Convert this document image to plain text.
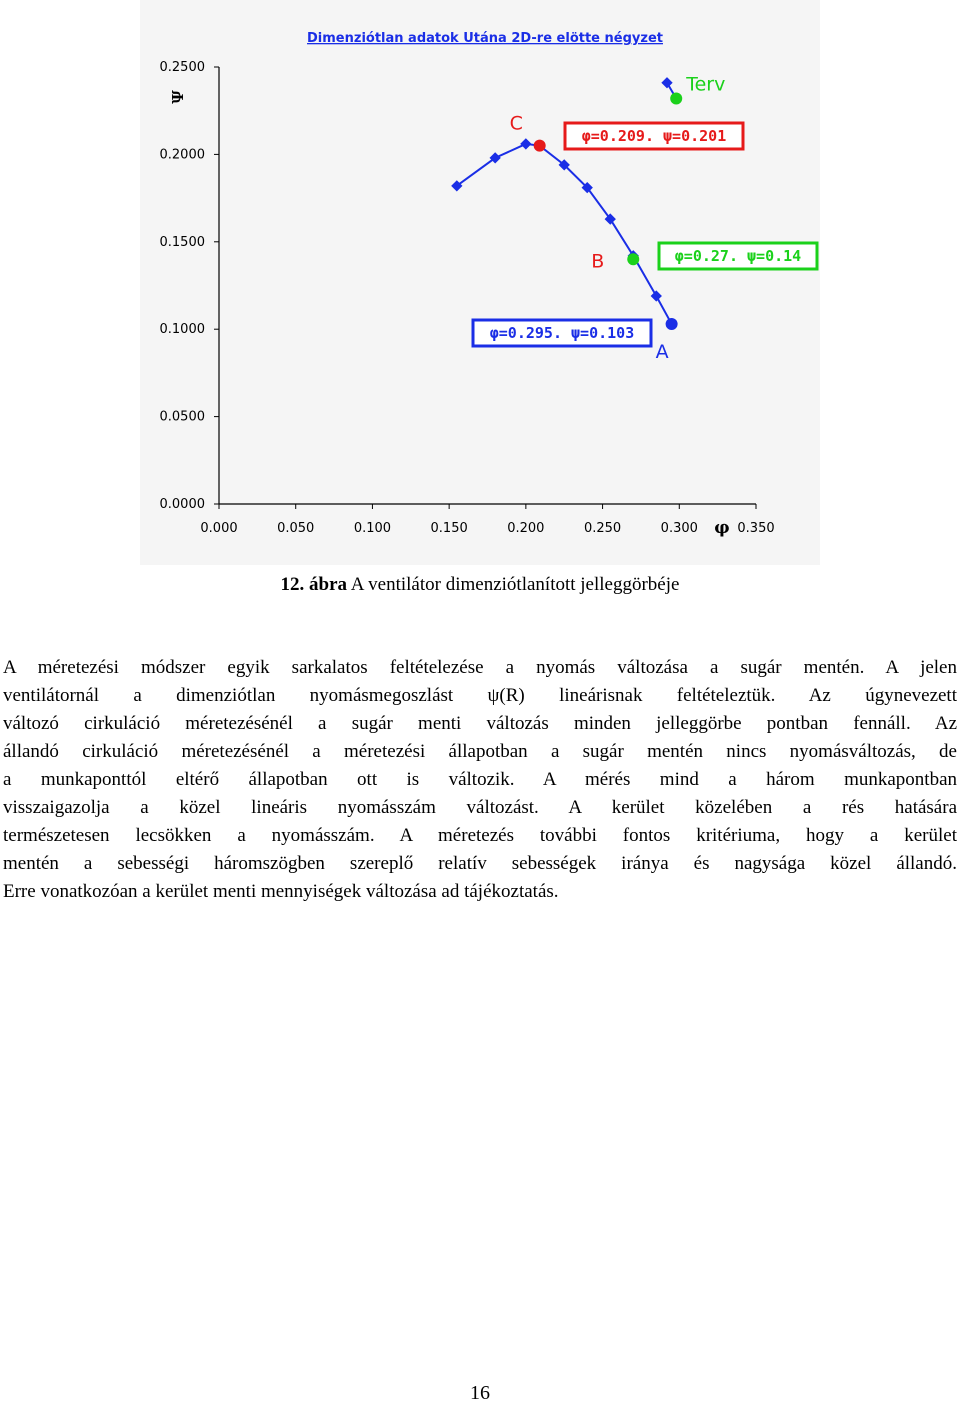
Dimenziótlan adatok Utána 2D-re elötte négyzet
0.0000
0.0500
0.1000
0.1500
0.2000
0.2500
0.000	0.050	0.100	0.150	0.200	0.250	0.300	0.350
Ψ
φ
C
B
A
Terv
φ=0.209. ψ=0.201
φ=0.27. ψ=0.14
φ=0.295. ψ=0.103
12. ábra A ventilátor dimenziótlanított jelleggörbéje
A méretezési módszer egyik sarkalatos feltételezése a nyomás változása a sugár mentén. A jelen
ventilátornál a dimenziótlan nyomásmegoszlást ψ(R) lineárisnak feltételeztük. Az úgynevezett
változó cirkuláció méretezésénél a sugár menti változás minden jelleggörbe pontban fennáll. Az
állandó cirkuláció méretezésénél a méretezési állapotban a sugár mentén nincs nyomásváltozás, de
a munkaponttól eltérő állapotban ott is változik. A mérés mind a három munkapontban
visszaigazolja a közel lineáris nyomásszám változást. A kerület közelében a rés hatására
természetesen lecsökken a nyomásszám. A méretezés további fontos kritériuma, hogy a kerület
mentén a sebességi háromszögben szereplő relatív sebességek iránya és nagysága közel állandó.
Erre vonatkozóan a kerület menti mennyiségek változása ad tájékoztatás.
16
